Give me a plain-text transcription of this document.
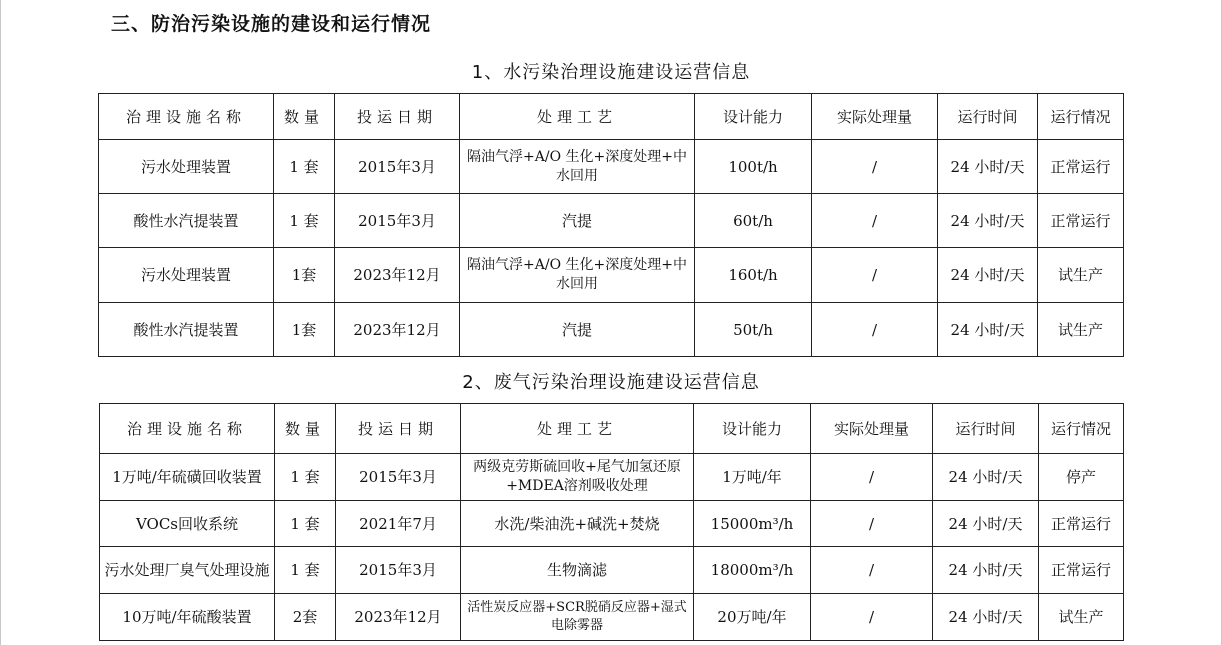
三、防治污染设施的建设和运行情况
1、水污染治理设施建设运营信息
治理设施名称	数量	投运日期	处理工艺	设计能力	实际处理量	运行时间	运行情况
污水处理装置	1 套	2015年3月	隔油气浮+A/O 生化+深度处理+中水回用	100t/h	/	24 小时/天	正常运行
酸性水汽提装置	1 套	2015年3月	汽提	60t/h	/	24 小时/天	正常运行
污水处理装置	1套	2023年12月	隔油气浮+A/O 生化+深度处理+中水回用	160t/h	/	24 小时/天	试生产
酸性水汽提装置	1套	2023年12月	汽提	50t/h	/	24 小时/天	试生产
2、废气污染治理设施建设运营信息
治理设施名称	数量	投运日期	处理工艺	设计能力	实际处理量	运行时间	运行情况
1万吨/年硫磺回收装置	1 套	2015年3月	两级克劳斯硫回收+尾气加氢还原+MDEA溶剂吸收处理	1万吨/年	/	24 小时/天	停产
VOCs回收系统	1 套	2021年7月	水洗/柴油洗+碱洗+焚烧	15000m³/h	/	24 小时/天	正常运行
污水处理厂臭气处理设施	1 套	2015年3月	生物滴滤	18000m³/h	/	24 小时/天	正常运行
10万吨/年硫酸装置	2套	2023年12月	活性炭反应器+SCR脱硝反应器+湿式电除雾器	20万吨/年	/	24 小时/天	试生产
